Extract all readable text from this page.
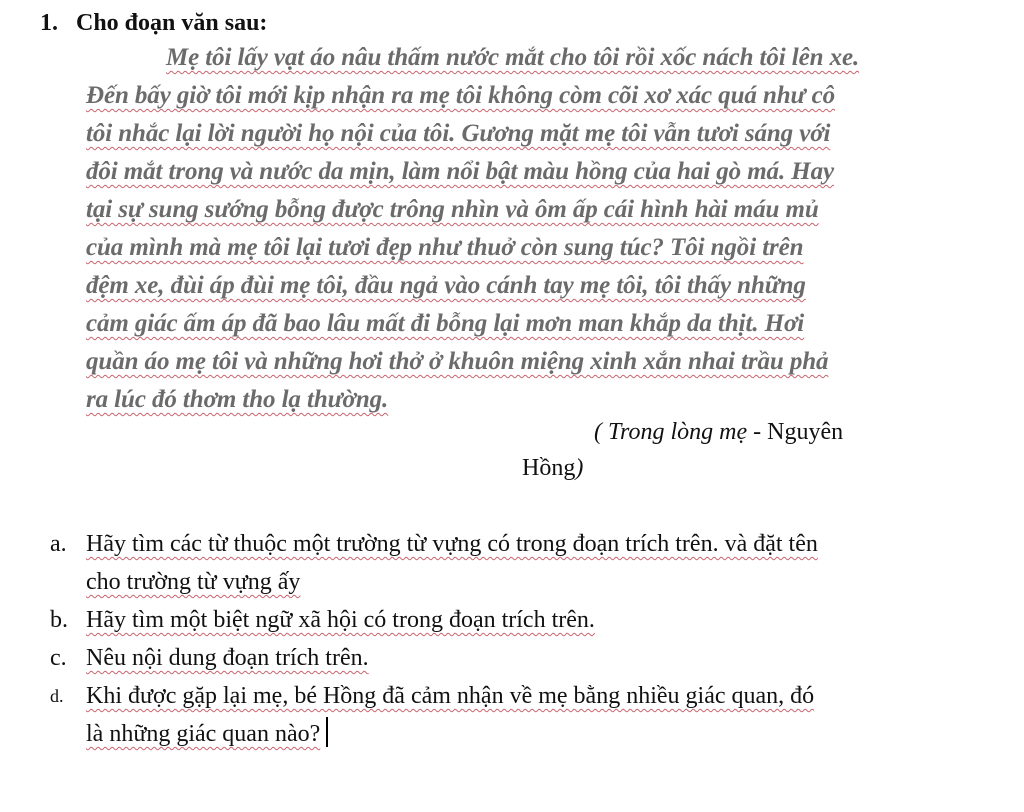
1. Cho đoạn văn sau:
Mẹ tôi lấy vạt áo nâu thấm nước mắt cho tôi rồi xốc nách tôi lên xe.
Đến bấy giờ tôi mới kịp nhận ra mẹ tôi không còm cõi xơ xác quá như cô
tôi nhắc lại lời người họ nội của tôi. Gương mặt mẹ tôi vẫn tươi sáng với
đôi mắt trong và nước da mịn, làm nổi bật màu hồng của hai gò má. Hay
tại sự sung sướng bỗng được trông nhìn và ôm ấp cái hình hài máu mủ
của mình mà mẹ tôi lại tươi đẹp như thuở còn sung túc? Tôi ngồi trên
đệm xe, đùi áp đùi mẹ tôi, đầu ngả vào cánh tay mẹ tôi, tôi thấy những
cảm giác ấm áp đã bao lâu mất đi bỗng lại mơn man khắp da thịt. Hơi
quần áo mẹ tôi và những hơi thở ở khuôn miệng xinh xắn nhai trầu phả
ra lúc đó thơm tho lạ thường.
( Trong lòng mẹ - Nguyên
Hồng)
a. Hãy tìm các từ thuộc một trường từ vựng có trong đoạn trích trên. và đặt tên
cho trường từ vựng ấy
b. Hãy tìm một biệt ngữ xã hội có trong đoạn trích trên.
c. Nêu nội dung đoạn trích trên.
d. Khi được gặp lại mẹ, bé Hồng đã cảm nhận về mẹ bằng nhiều giác quan, đó
là những giác quan nào?
